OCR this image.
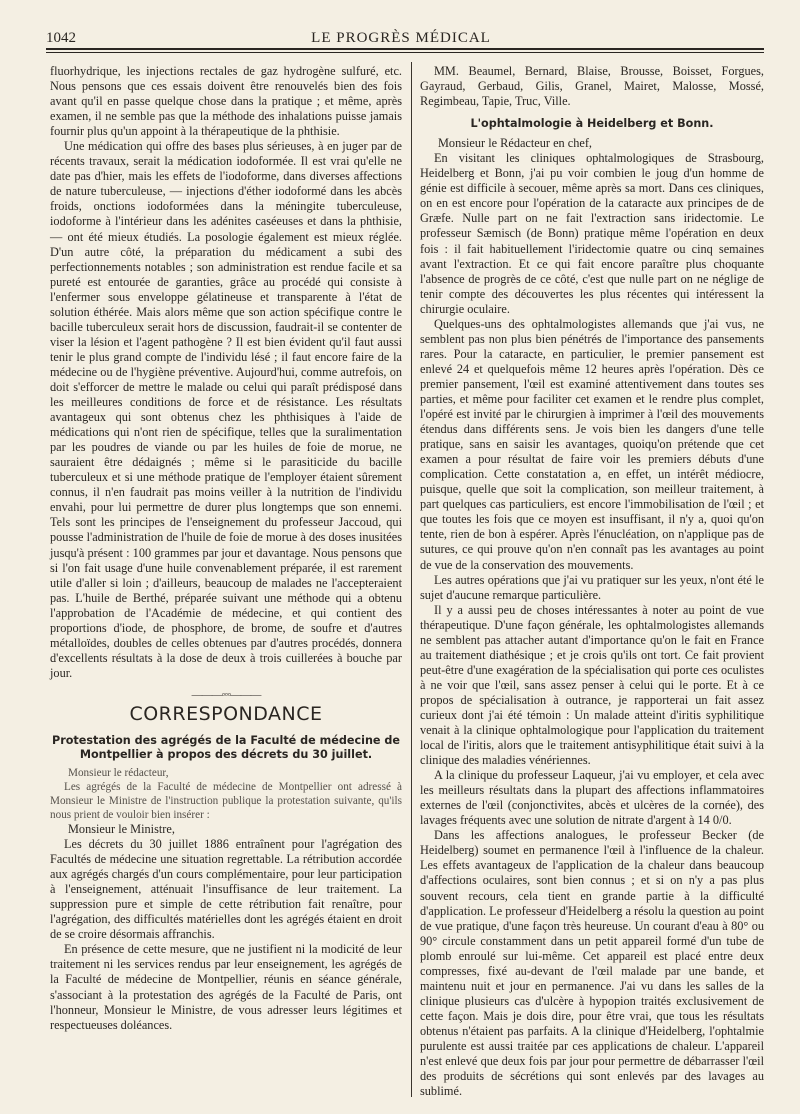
1042	LE PROGRÈS MÉDICAL

fluorhydrique, les injections rectales de gaz hydrogène sulfuré, etc. Nous pensons que ces essais doivent être renouvelés bien des fois avant qu'il en passe quelque chose dans la pratique ; et même, après examen, il ne semble pas que la méthode des inhalations puisse jamais fournir plus qu'un appoint à la thérapeutique de la phthisie.

Une médication qui offre des bases plus sérieuses, à en juger par de récents travaux, serait la médication iodoformée. Il est vrai qu'elle ne date pas d'hier, mais les effets de l'iodoforme, dans diverses affections de nature tuberculeuse, — injections d'éther iodoformé dans les abcès froids, onctions iodoformées dans la méningite tuberculeuse, iodoforme à l'intérieur dans les adénites caséeuses et dans la phthisie, — ont été mieux étudiés. La posologie également est mieux réglée. D'un autre côté, la préparation du médicament a subi des perfectionnements notables ; son administration est rendue facile et sa pureté est entourée de garanties, grâce au procédé qui consiste à l'enfermer sous enveloppe gélatineuse et transparente à l'état de solution éthérée. Mais alors même que son action spécifique contre le bacille tuberculeux serait hors de discussion, faudrait-il se contenter de viser la lésion et l'agent pathogène ? Il est bien évident qu'il faut aussi tenir le plus grand compte de l'individu lésé ; il faut encore faire de la médecine ou de l'hygiène préventive. Aujourd'hui, comme autrefois, on doit s'efforcer de mettre le malade ou celui qui paraît prédisposé dans les meilleures conditions de force et de résistance. Les résultats avantageux qui sont obtenus chez les phthisiques à l'aide de médications qui n'ont rien de spécifique, telles que la suralimentation par les poudres de viande ou par les huiles de foie de morue, ne sauraient être dédaignés ; même si le parasiticide du bacille tuberculeux et si une méthode pratique de l'employer étaient sûrement connus, il n'en faudrait pas moins veiller à la nutrition de l'individu envahi, pour lui permettre de durer plus longtemps que son ennemi. Tels sont les principes de l'enseignement du professeur Jaccoud, qui pousse l'administration de l'huile de foie de morue à des doses inusitées jusqu'à présent : 100 grammes par jour et davantage. Nous pensons que si l'on fait usage d'une huile convenablement préparée, il est rarement utile d'aller si loin ; d'ailleurs, beaucoup de malades ne l'accepteraient pas. L'huile de Berthé, préparée suivant une méthode qui a obtenu l'approbation de l'Académie de médecine, et qui contient des proportions d'iode, de phosphore, de brome, de soufre et d'autres métalloïdes, doubles de celles obtenues par d'autres procédés, donnera d'excellents résultats à la dose de deux à trois cuillerées à bouche par jour.

———◦◦◦———
CORRESPONDANCE
Protestation des agrégés de la Faculté de médecine de Montpellier à propos des décrets du 30 juillet.

Monsieur le rédacteur,

Les agrégés de la Faculté de médecine de Montpellier ont adressé à Monsieur le Ministre de l'instruction publique la protestation suivante, qu'ils nous prient de vouloir bien insérer :

Monsieur le Ministre,

Les décrets du 30 juillet 1886 entraînent pour l'agrégation des Facultés de médecine une situation regrettable. La rétribution accordée aux agrégés chargés d'un cours complémentaire, pour leur participation à l'enseignement, atténuait l'insuffisance de leur traitement. La suppression pure et simple de cette rétribution fait renaître, pour l'agrégation, des difficultés matérielles dont les agrégés étaient en droit de se croire désormais affranchis.

En présence de cette mesure, que ne justifient ni la modicité de leur traitement ni les services rendus par leur enseignement, les agrégés de la Faculté de médecine de Montpellier, réunis en séance générale, s'associant à la protestation des agrégés de la Faculté de Paris, ont l'honneur, Monsieur le Ministre, de vous adresser leurs légitimes et respectueuses doléances.

MM. Beaumel, Bernard, Blaise, Brousse, Boisset, Forgues, Gayraud, Gerbaud, Gilis, Granel, Mairet, Malosse, Mossé, Regimbeau, Tapie, Truc, Ville.

L'ophtalmologie à Heidelberg et Bonn.

Monsieur le Rédacteur en chef,

En visitant les cliniques ophtalmologiques de Strasbourg, Heidelberg et Bonn, j'ai pu voir combien le joug d'un homme de génie est difficile à secouer, même après sa mort. Dans ces cliniques, on en est encore pour l'opération de la cataracte aux principes de de Græfe. Nulle part on ne fait l'extraction sans iridectomie. Le professeur Sæmisch (de Bonn) pratique même l'opération en deux fois : il fait habituellement l'iridectomie quatre ou cinq semaines avant l'extraction. Et ce qui fait encore paraître plus choquante l'absence de progrès de ce côté, c'est que nulle part on ne néglige de tenir compte des découvertes les plus récentes qui intéressent la chirurgie oculaire.

Quelques-uns des ophtalmologistes allemands que j'ai vus, ne semblent pas non plus bien pénétrés de l'importance des pansements rares. Pour la cataracte, en particulier, le premier pansement est enlevé 24 et quelquefois même 12 heures après l'opération. Dès ce premier pansement, l'œil est examiné attentivement dans toutes ses parties, et même pour faciliter cet examen et le rendre plus complet, l'opéré est invité par le chirurgien à imprimer à l'œil des mouvements étendus dans différents sens. Je vois bien les dangers d'une telle pratique, sans en saisir les avantages, quoiqu'on prétende que cet examen a pour résultat de faire voir les premiers débuts d'une complication. Cette constatation a, en effet, un intérêt médiocre, puisque, quelle que soit la complication, son meilleur traitement, à part quelques cas particuliers, est encore l'immobilisation de l'œil ; et que toutes les fois que ce moyen est insuffisant, il n'y a, quoi qu'on tente, rien de bon à espérer. Après l'énucléation, on n'applique pas de sutures, ce qui prouve qu'on n'en connaît pas les avantages au point de vue de la conservation des mouvements.

Les autres opérations que j'ai vu pratiquer sur les yeux, n'ont été le sujet d'aucune remarque particulière.

Il y a aussi peu de choses intéressantes à noter au point de vue thérapeutique. D'une façon générale, les ophtalmologistes allemands ne semblent pas attacher autant d'importance qu'on le fait en France au traitement diathésique ; et je crois qu'ils ont tort. Ce fait provient peut-être d'une exagération de la spécialisation qui porte ces oculistes à ne voir que l'œil, sans assez penser à celui qui le porte. Et à ce propos de spécialisation à outrance, je rapporterai un fait assez curieux dont j'ai été témoin : Un malade atteint d'iritis syphilitique venait à la clinique ophtalmologique pour l'application du traitement local de l'iritis, alors que le traitement antisyphilitique était suivi à la clinique des maladies vénériennes.

A la clinique du professeur Laqueur, j'ai vu employer, et cela avec les meilleurs résultats dans la plupart des affections inflammatoires externes de l'œil (conjonctivites, abcès et ulcères de la cornée), des lavages fréquents avec une solution de nitrate d'argent à 14 0/0.

Dans les affections analogues, le professeur Becker (de Heidelberg) soumet en permanence l'œil à l'influence de la chaleur. Les effets avantageux de l'application de la chaleur dans beaucoup d'affections oculaires, sont bien connus ; et si on n'y a pas plus souvent recours, cela tient en grande partie à la difficulté d'application. Le professeur d'Heidelberg a résolu la question au point de vue pratique, d'une façon très heureuse. Un courant d'eau à 80° ou 90° circule constamment dans un petit appareil formé d'un tube de plomb enroulé sur lui-même. Cet appareil est placé entre deux compresses, fixé au-devant de l'œil malade par une bande, et maintenu nuit et jour en permanence. J'ai vu dans les salles de la clinique plusieurs cas d'ulcère à hypopion traités exclusivement de cette façon. Mais je dois dire, pour être vrai, que tous les résultats obtenus n'étaient pas parfaits. A la clinique d'Heidelberg, l'ophtalmie purulente est aussi traitée par ces applications de chaleur. L'appareil n'est enlevé que deux fois par jour pour permettre de débarrasser l'œil des produits de sécrétions qui sont enlevés par des lavages au sublimé.
